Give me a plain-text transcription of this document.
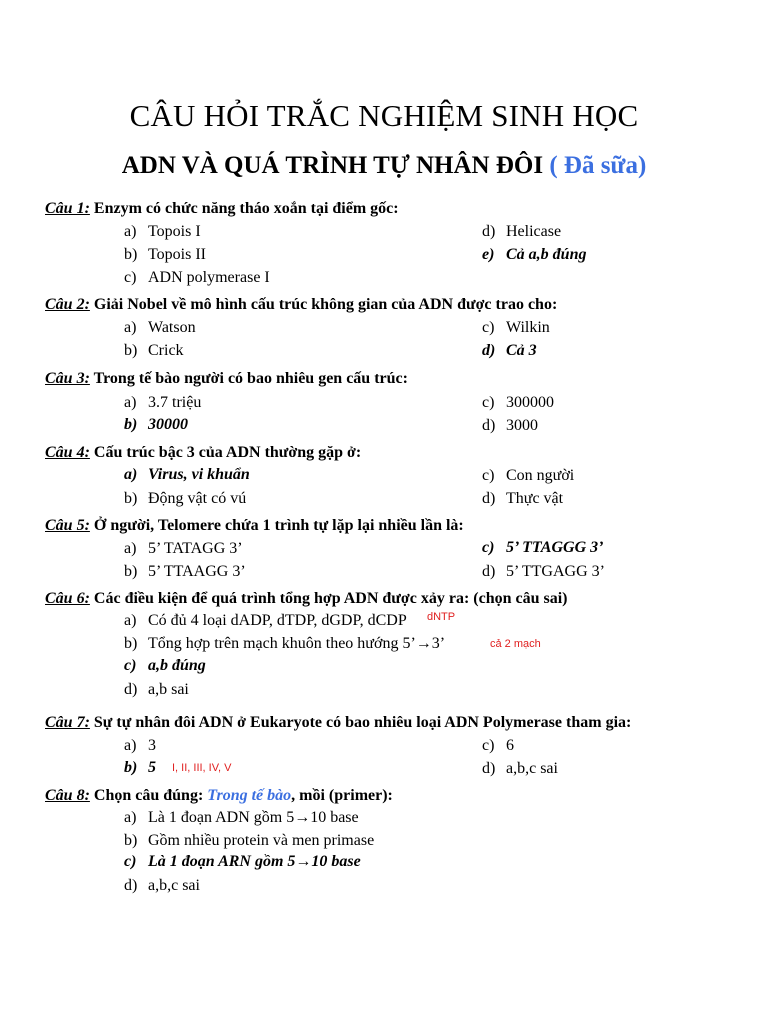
CÂU HỎI TRẮC NGHIỆM SINH HỌC
ADN VÀ QUÁ TRÌNH TỰ NHÂN ĐÔI ( Đã sữa)
Câu 1: Enzym có chức năng tháo xoắn tại điểm gốc:
a) Topois I
b) Topois II
c) ADN polymerase I
d) Helicase
e) Cả a,b đúng
Câu 2: Giải Nobel về mô hình cấu trúc không gian của ADN được trao cho:
a) Watson
b) Crick
c) Wilkin
d) Cả 3
Câu 3: Trong tế bào người có bao nhiêu gen cấu trúc:
a) 3.7 triệu
b) 30000
c) 300000
d) 3000
Câu 4: Cấu trúc bậc 3 của ADN thường gặp ở:
a) Virus, vi khuẩn
b) Động vật có vú
c) Con người
d) Thực vật
Câu 5: Ở người, Telomere chứa 1 trình tự lặp lại nhiều lần là:
a) 5’ TATAGG 3’
b) 5’ TTAAGG 3’
c) 5’ TTAGGG 3’
d) 5’ TTGAGG 3’
Câu 6: Các điều kiện để quá trình tổng hợp ADN được xảy ra: (chọn câu sai)
a) Có đủ 4 loại dADP, dTDP, dGDP, dCDP dNTP
b) Tổng hợp trên mạch khuôn theo hướng 5’→3’	cả 2 mạch
c) a,b đúng
d) a,b sai
Câu 7: Sự tự nhân đôi ADN ở Eukaryote có bao nhiêu loại ADN Polymerase tham gia:
a) 3
b) 5 I, II, III, IV, V
c) 6
d) a,b,c sai
Câu 8: Chọn câu đúng: Trong tế bào, mồi (primer):
a) Là 1 đoạn ADN gồm 5→10 base
b) Gồm nhiều protein và men primase
c) Là 1 đoạn ARN gồm 5→10 base
d) a,b,c sai
